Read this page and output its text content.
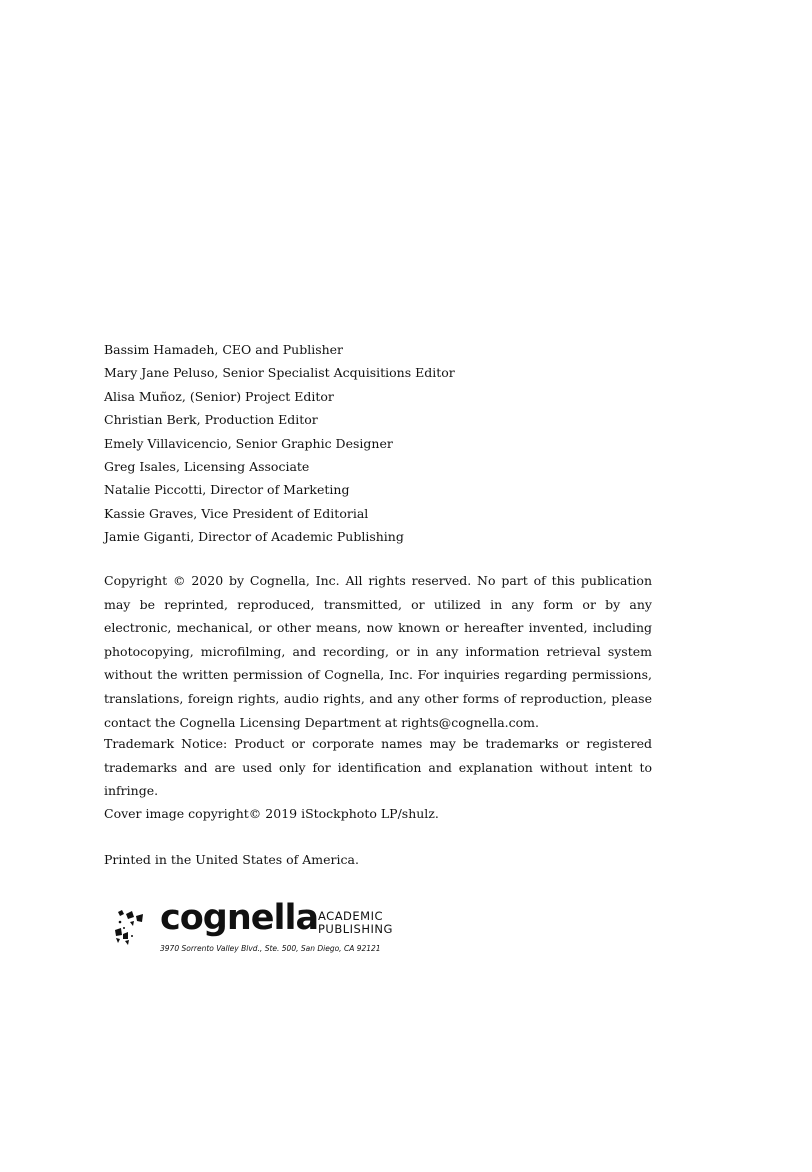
Bassim Hamadeh, CEO and Publisher
Mary Jane Peluso, Senior Specialist Acquisitions Editor
Alisa Muñoz, (Senior) Project Editor
Christian Berk, Production Editor
Emely Villavicencio, Senior Graphic Designer
Greg Isales, Licensing Associate
Natalie Piccotti, Director of Marketing
Kassie Graves, Vice President of Editorial
Jamie Giganti, Director of Academic Publishing

Copyright © 2020 by Cognella, Inc. All rights reserved. No part of this publication may be reprinted, reproduced, transmitted, or utilized in any form or by any electronic, mechanical, or other means, now known or hereafter invented, including photocopying, microfilming, and recording, or in any information retrieval system without the written permission of Cognella, Inc. For inquiries regarding permissions, translations, foreign rights, audio rights, and any other forms of reproduction, please contact the Cognella Licensing Department at rights@cognella.com.

Trademark Notice: Product or corporate names may be trademarks or registered trademarks and are used only for identification and explanation without intent to infringe.

Cover image copyright© 2019 iStockphoto LP/shulz.

Printed in the United States of America.

cognella ACADEMIC
PUBLISHING
3970 Sorrento Valley Blvd., Ste. 500, San Diego, CA 92121
